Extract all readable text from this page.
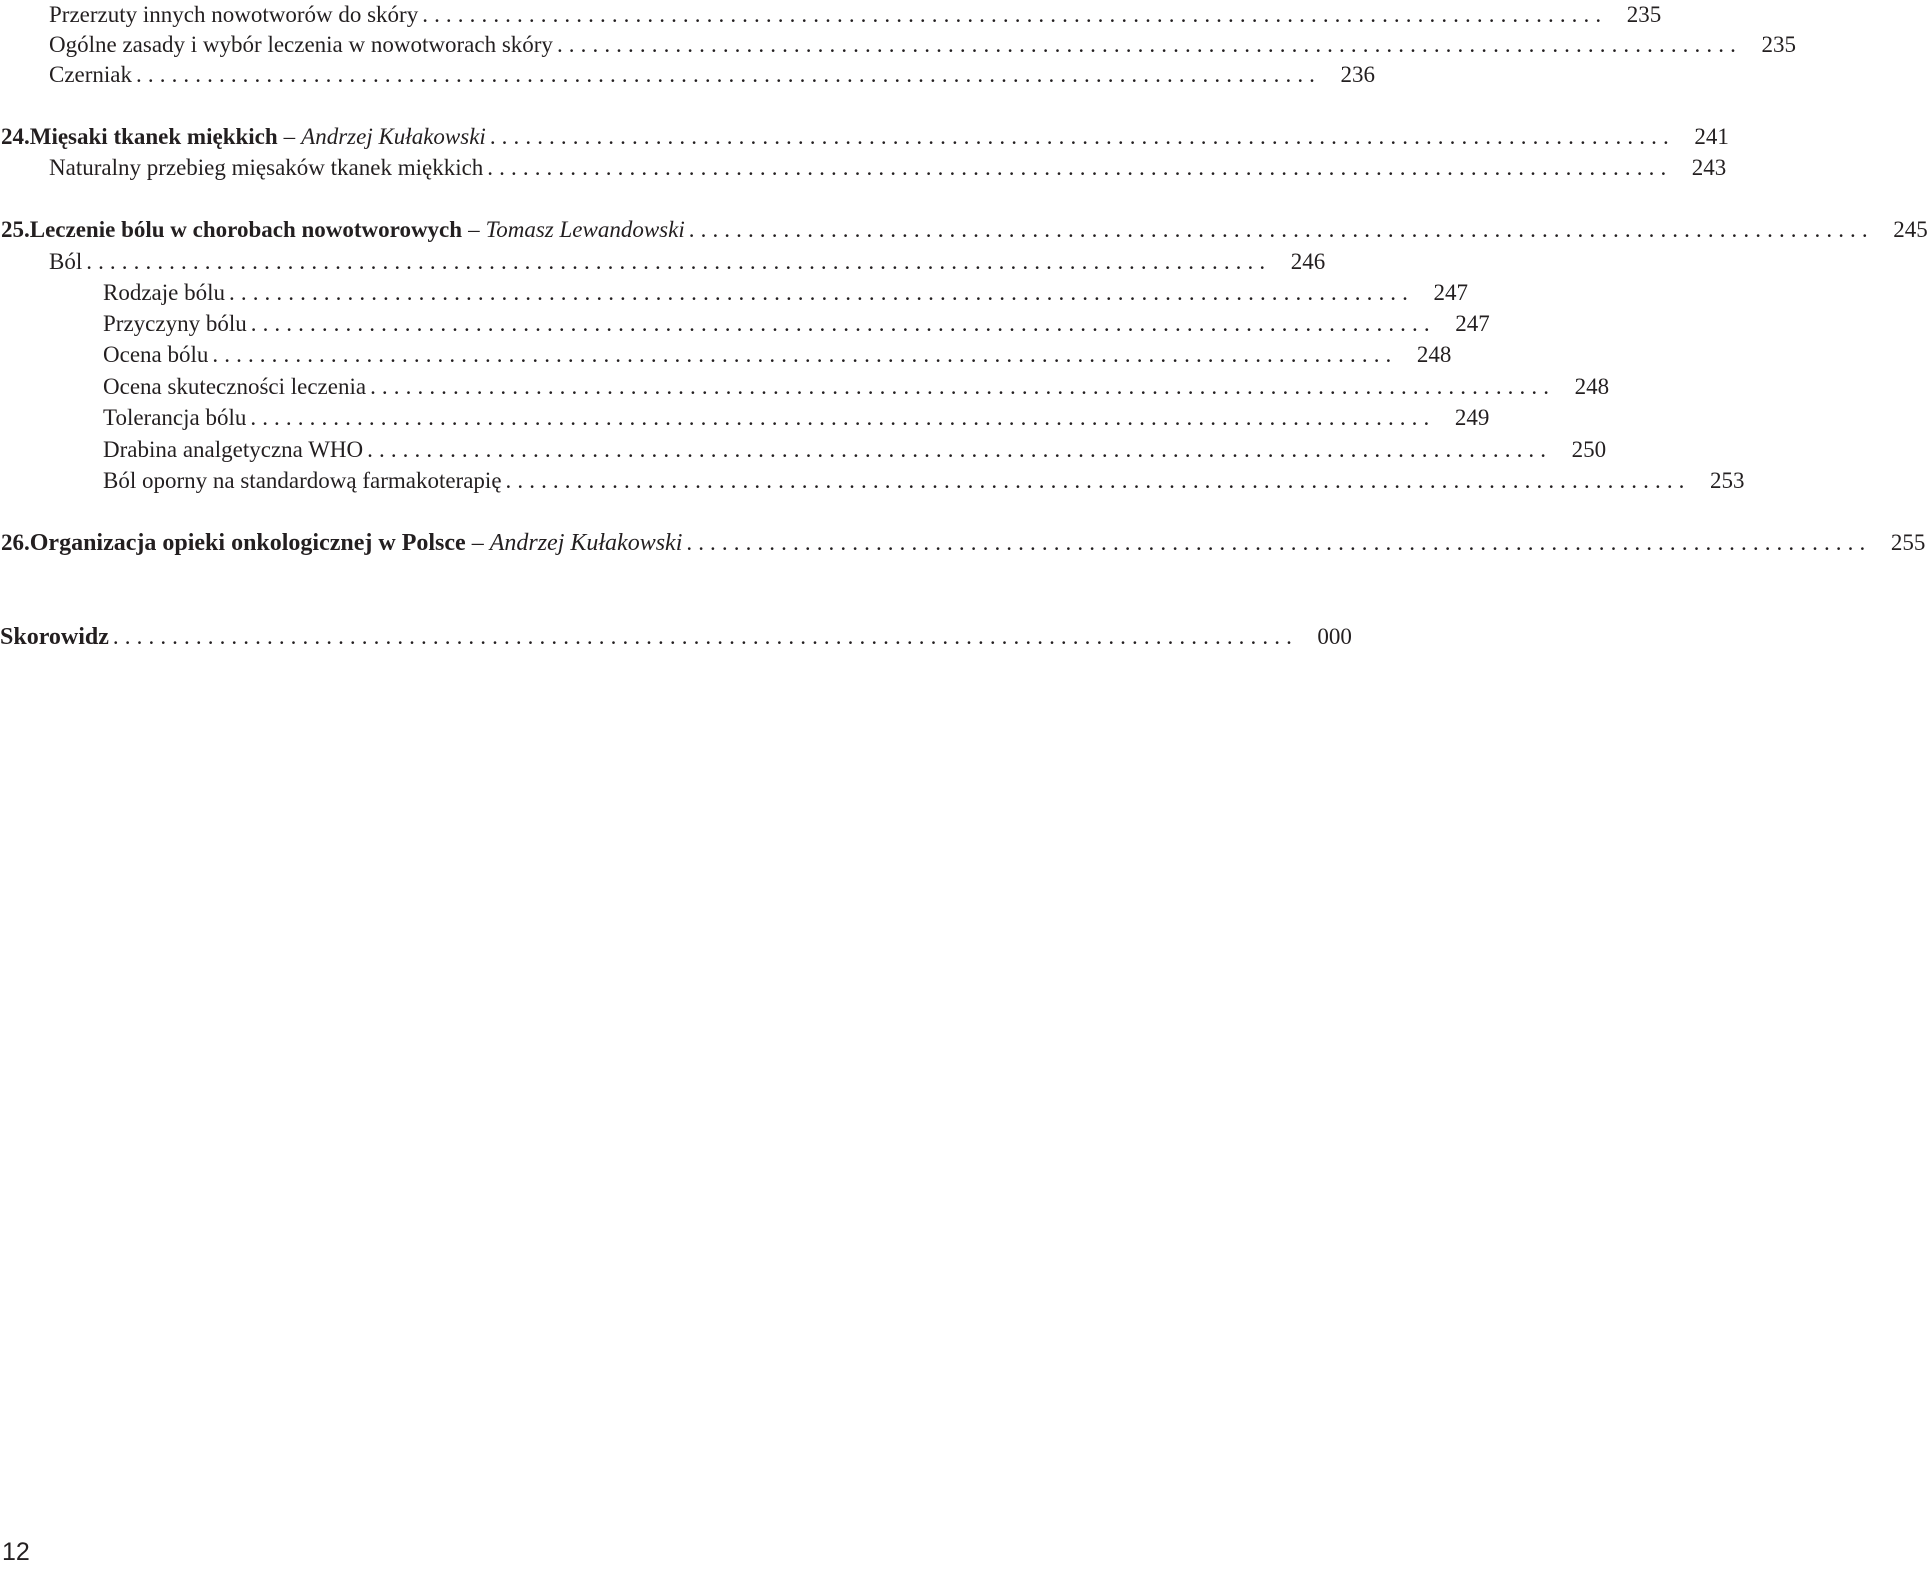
Przerzuty innych nowotworów do skóry .................................................................................................... 235
Ogólne zasady i wybór leczenia w nowotworach skóry .................................................................................................... 235
Czerniak .................................................................................................... 236
24. Mięsaki tkanek miękkich – Andrzej Kułakowski .................................................................................................... 241
Naturalny przebieg mięsaków tkanek miękkich .................................................................................................... 243
25. Leczenie bólu w chorobach nowotworowych – Tomasz Lewandowski .................................................................................................... 245
Ból .................................................................................................... 246
Rodzaje bólu .................................................................................................... 247
Przyczyny bólu .................................................................................................... 247
Ocena bólu .................................................................................................... 248
Ocena skuteczności leczenia .................................................................................................... 248
Tolerancja bólu .................................................................................................... 249
Drabina analgetyczna WHO .................................................................................................... 250
Ból oporny na standardową farmakoterapię .................................................................................................... 253
26. Organizacja opieki onkologicznej w Polsce – Andrzej Kułakowski .................................................................................................... 255
Skorowidz .................................................................................................... 000
12
